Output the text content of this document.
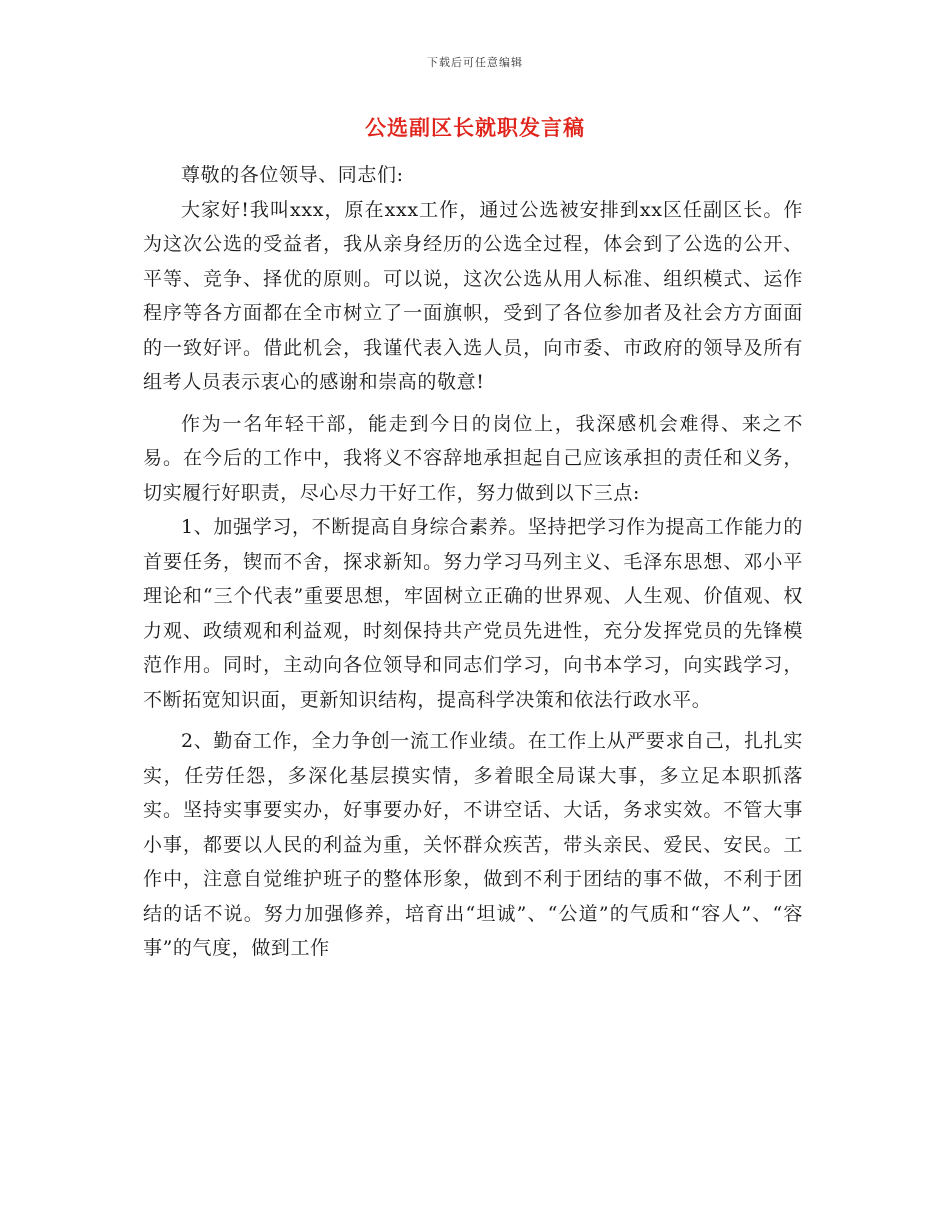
下载后可任意编辑
公选副区长就职发言稿

尊敬的各位领导、同志们:

大家好!我叫xxx，原在xxx工作，通过公选被安排到xx区任副区长。作为这次公选的受益者，我从亲身经历的公选全过程，体会到了公选的公开、平等、竞争、择优的原则。可以说，这次公选从用人标准、组织模式、运作程序等各方面都在全市树立了一面旗帜，受到了各位参加者及社会方方面面的一致好评。借此机会，我谨代表入选人员，向市委、市政府的领导及所有组考人员表示衷心的感谢和崇高的敬意!

作为一名年轻干部，能走到今日的岗位上，我深感机会难得、来之不易。在今后的工作中，我将义不容辞地承担起自己应该承担的责任和义务，切实履行好职责，尽心尽力干好工作，努力做到以下三点:

1、加强学习，不断提高自身综合素养。坚持把学习作为提高工作能力的首要任务，锲而不舍，探求新知。努力学习马列主义、毛泽东思想、邓小平理论和“三个代表”重要思想，牢固树立正确的世界观、人生观、价值观、权力观、政绩观和利益观，时刻保持共产党员先进性，充分发挥党员的先锋模范作用。同时，主动向各位领导和同志们学习，向书本学习，向实践学习，不断拓宽知识面，更新知识结构，提高科学决策和依法行政水平。

2、勤奋工作，全力争创一流工作业绩。在工作上从严要求自己，扎扎实实，任劳任怨，多深化基层摸实情，多着眼全局谋大事，多立足本职抓落实。坚持实事要实办，好事要办好，不讲空话、大话，务求实效。不管大事小事，都要以人民的利益为重，关怀群众疾苦，带头亲民、爱民、安民。工作中，注意自觉维护班子的整体形象，做到不利于团结的事不做，不利于团结的话不说。努力加强修养，培育出“坦诚”、“公道”的气质和“容人”、“容事”的气度，做到工作
